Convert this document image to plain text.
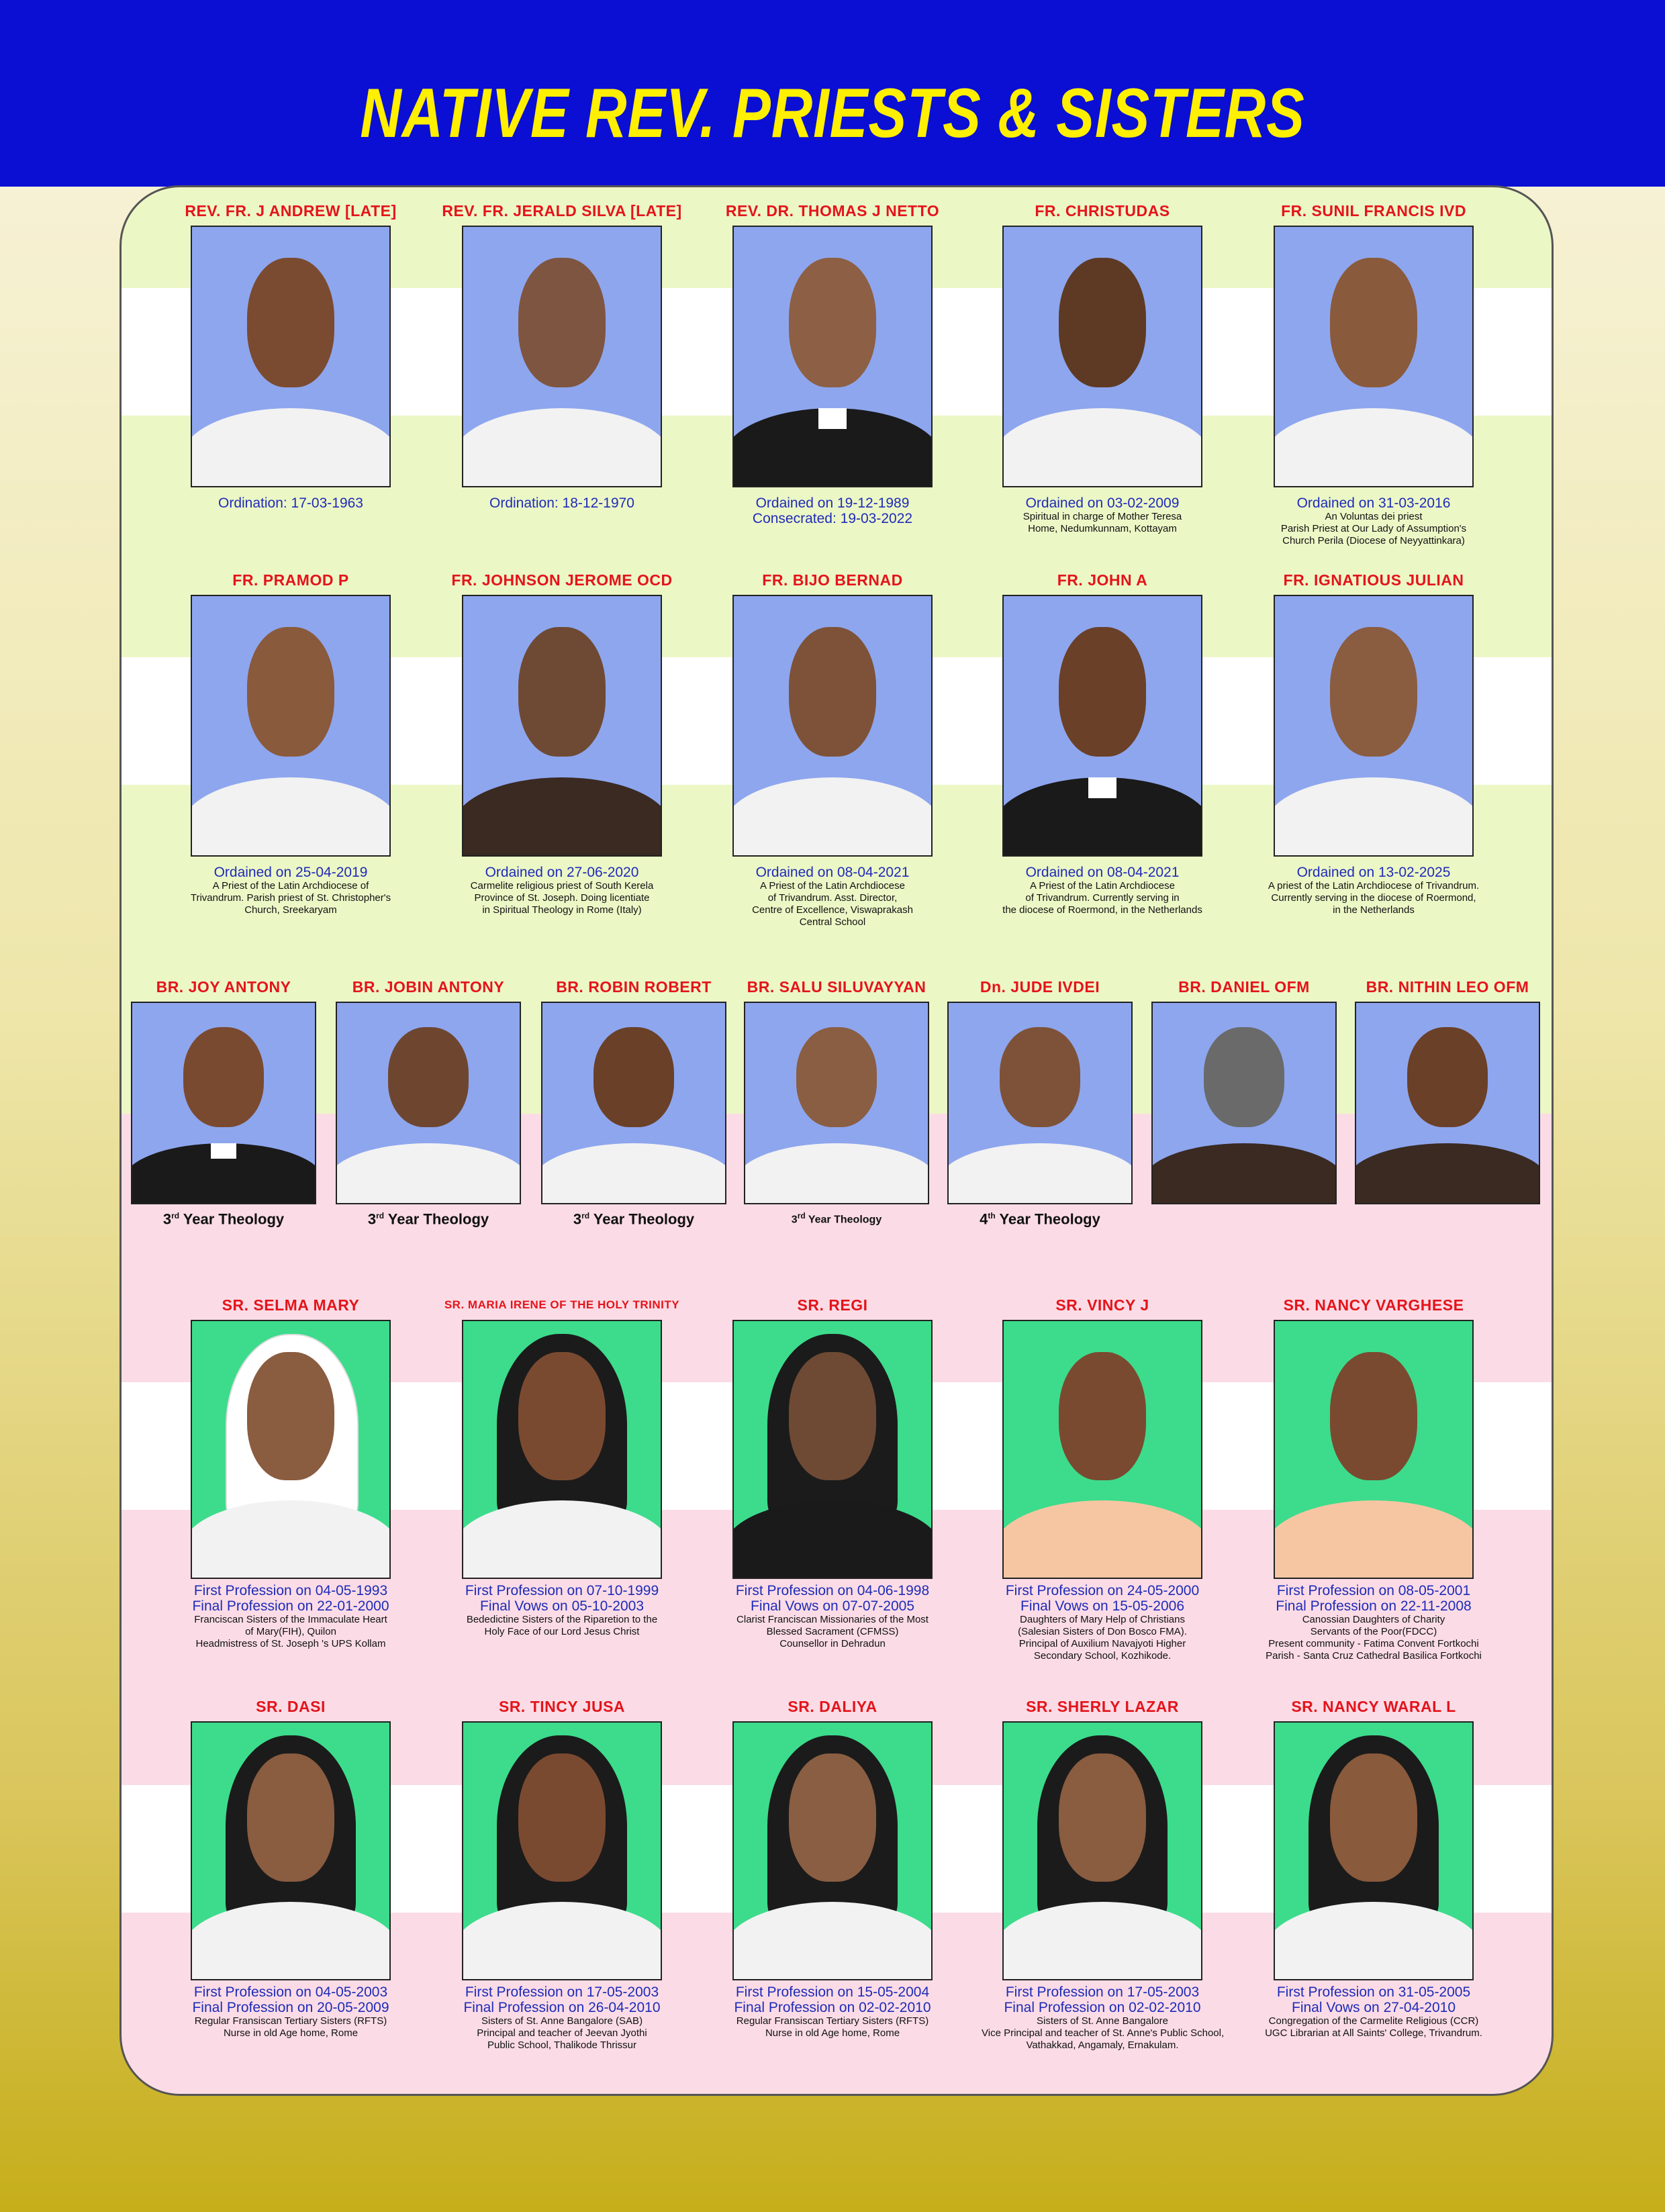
NATIVE REV. PRIESTS & SISTERS
REV. FR. J ANDREW [LATE]
Ordination: 17-03-1963
REV. FR. JERALD SILVA [LATE]
Ordination: 18-12-1970
REV. DR. THOMAS J NETTO
Ordained on 19-12-1989
Consecrated: 19-03-2022
FR. CHRISTUDAS
Ordained on 03-02-2009
Spiritual in charge of Mother Teresa
Home, Nedumkunnam, Kottayam
FR. SUNIL FRANCIS IVD
Ordained on 31-03-2016
An Voluntas dei priest
Parish Priest at Our Lady of Assumption's
Church Perila (Diocese of Neyyattinkara)
FR. PRAMOD P
Ordained on 25-04-2019
A Priest of the Latin Archdiocese of
Trivandrum. Parish priest of St. Christopher's
Church, Sreekaryam
FR. JOHNSON JEROME OCD
Ordained on 27-06-2020
Carmelite religious priest of South Kerela
Province of St. Joseph. Doing licentiate
in Spiritual Theology in Rome (Italy)
FR. BIJO BERNAD
Ordained on 08-04-2021
A Priest of the Latin Archdiocese
of Trivandrum. Asst. Director,
Centre of Excellence, Viswaprakash
Central School
FR. JOHN A
Ordained on 08-04-2021
A Priest of the Latin Archdiocese
of Trivandrum. Currently serving in
the diocese of Roermond, in the Netherlands
FR. IGNATIOUS JULIAN
Ordained on 13-02-2025
A priest of the Latin Archdiocese of Trivandrum.
Currently serving in the diocese of Roermond,
in the Netherlands
BR. JOY ANTONY
3rd Year Theology
BR. JOBIN ANTONY
3rd Year Theology
BR. ROBIN ROBERT
3rd Year Theology
BR. SALU SILUVAYYAN
3rd Year Theology
Dn. JUDE IVDEI
4th Year Theology
BR. DANIEL OFM	BR. NITHIN LEO OFM
SR. SELMA MARY
First Profession on 04-05-1993
Final Profession on 22-01-2000
Franciscan Sisters of the Immaculate Heart
of Mary(FIH), Quilon
Headmistress of St. Joseph 's UPS Kollam
SR. MARIA IRENE OF THE HOLY TRINITY
First Profession on 07-10-1999
Final Vows on 05-10-2003
Bededictine Sisters of the Riparetion to the
Holy Face of our Lord Jesus Christ
SR. REGI
First Profession on 04-06-1998
Final Vows on 07-07-2005
Clarist Franciscan Missionaries of the Most
Blessed Sacrament (CFMSS)
Counsellor in Dehradun
SR. VINCY J
First Profession on 24-05-2000
Final Vows on 15-05-2006
Daughters of Mary Help of Christians
(Salesian Sisters of Don Bosco FMA).
Principal of Auxilium Navajyoti Higher
Secondary School, Kozhikode.
SR. NANCY VARGHESE
First Profession on 08-05-2001
Final Profession on 22-11-2008
Canossian Daughters of Charity
Servants of the Poor(FDCC)
Present community - Fatima Convent Fortkochi
Parish - Santa Cruz Cathedral Basilica Fortkochi
SR. DASI
First Profession on 04-05-2003
Final Profession on 20-05-2009
Regular Fransiscan Tertiary Sisters (RFTS)
Nurse in old Age home, Rome
SR. TINCY JUSA
First Profession on 17-05-2003
Final Profession on 26-04-2010
Sisters of St. Anne Bangalore (SAB)
Principal and teacher of Jeevan Jyothi
Public School, Thalikode Thrissur
SR. DALIYA
First Profession on 15-05-2004
Final Profession on 02-02-2010
Regular Fransiscan Tertiary Sisters (RFTS)
Nurse in old Age home, Rome
SR. SHERLY LAZAR
First Profession on 17-05-2003
Final Profession on 02-02-2010
Sisters of St. Anne Bangalore
Vice Principal and teacher of St. Anne's Public School,
Vathakkad, Angamaly, Ernakulam.
SR. NANCY WARAL L
First Profession on 31-05-2005
Final Vows on 27-04-2010
Congregation of the Carmelite Religious (CCR)
UGC Librarian at All Saints' College, Trivandrum.
